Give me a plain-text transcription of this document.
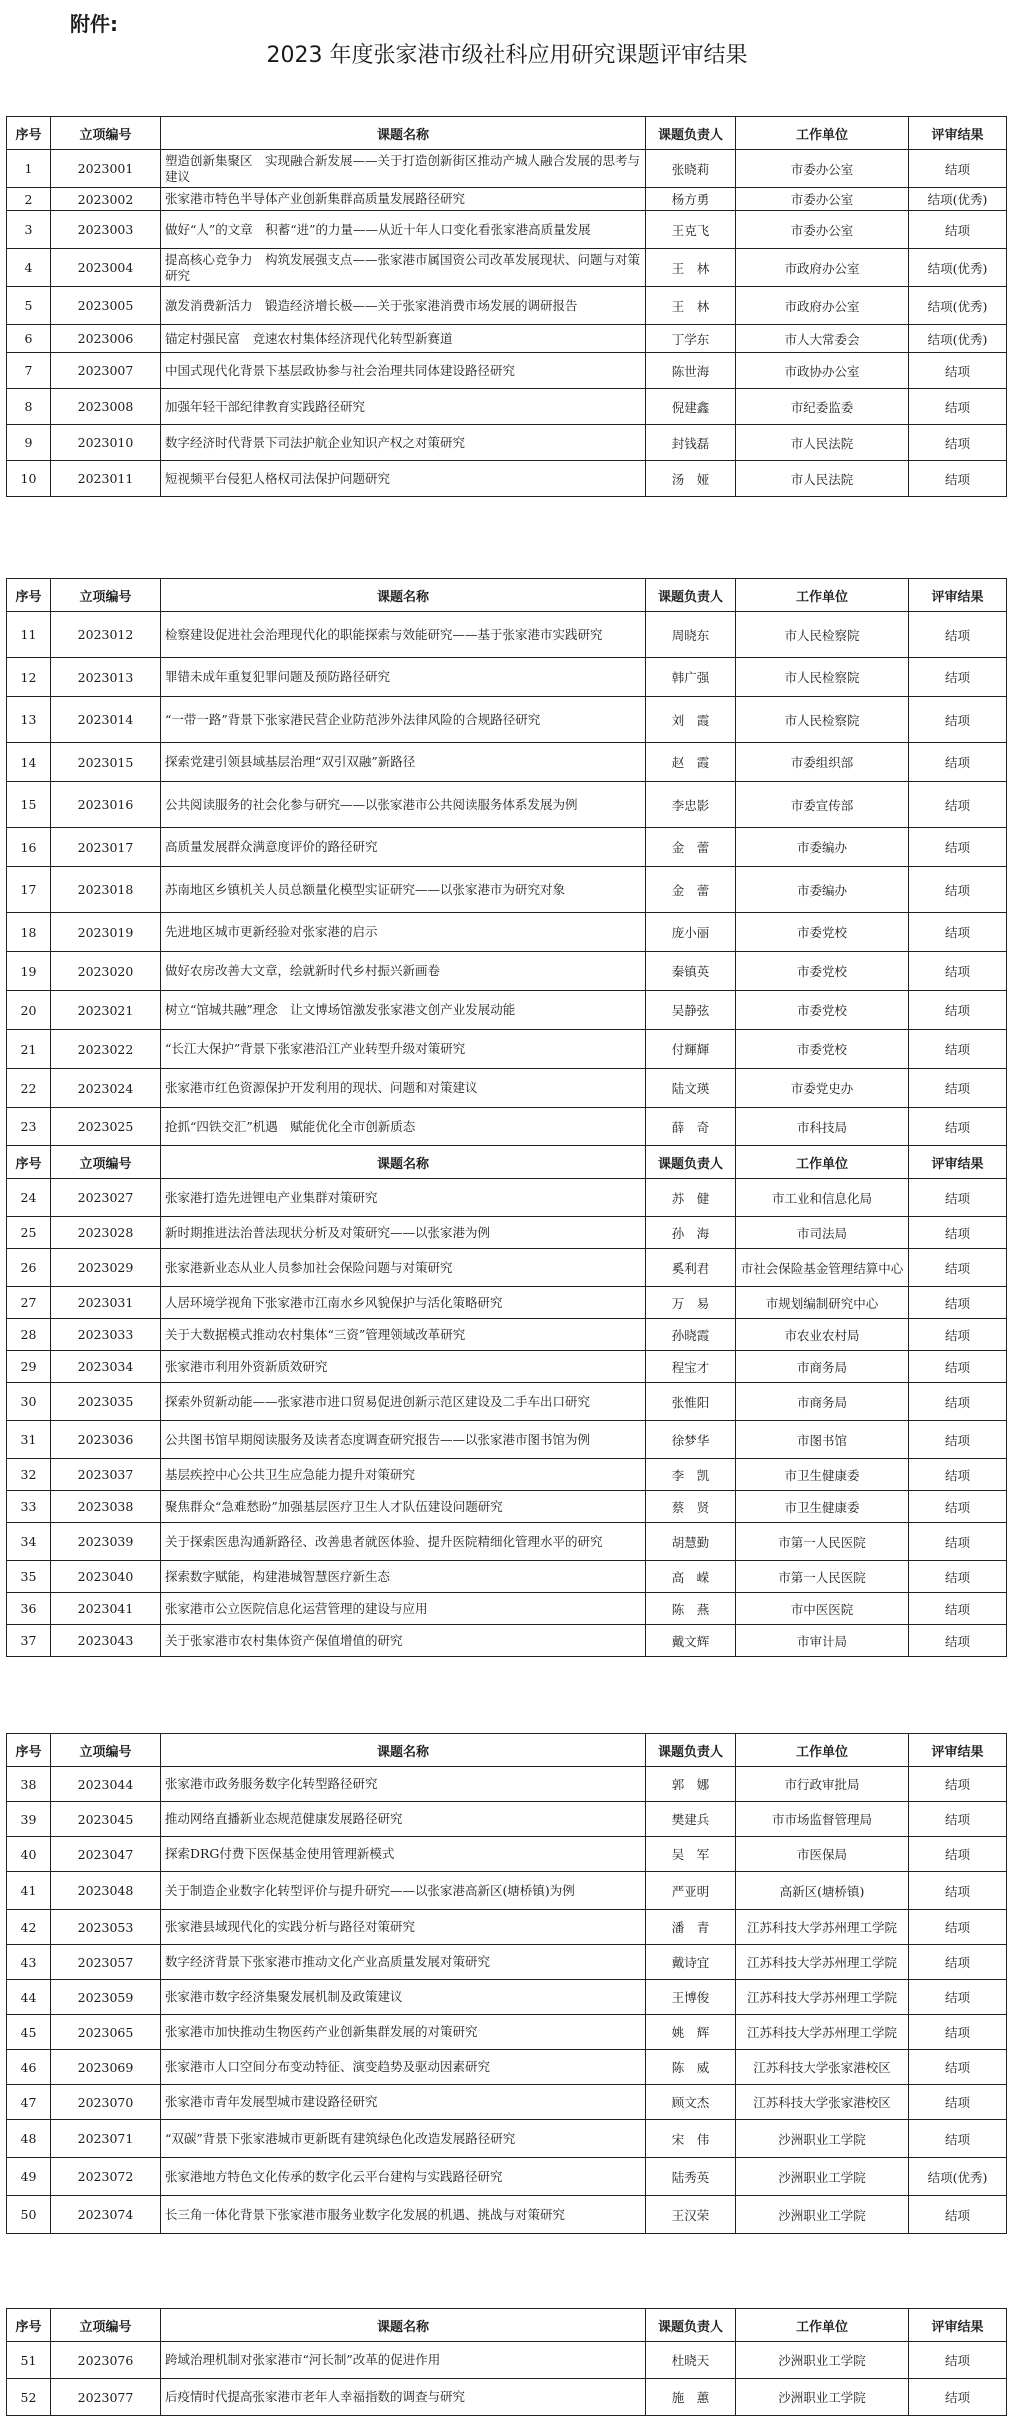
附件:
2023 年度张家港市级社科应用研究课题评审结果
序号	立项编号	课题名称	课题负责人	工作单位	评审结果
1	2023001	塑造创新集聚区　实现融合新发展——关于打造创新街区推动产城人融合发展的思考与建议	张晓莉	市委办公室	结项
2	2023002	张家港市特色半导体产业创新集群高质量发展路径研究	杨方勇	市委办公室	结项(优秀)
3	2023003	做好“人”的文章　积蓄“进”的力量——从近十年人口变化看张家港高质量发展	王克飞	市委办公室	结项
4	2023004	提高核心竞争力　构筑发展强支点——张家港市属国资公司改革发展现状、问题与对策研究	王　林	市政府办公室	结项(优秀)
5	2023005	激发消费新活力　锻造经济增长极——关于张家港消费市场发展的调研报告	王　林	市政府办公室	结项(优秀)
6	2023006	锚定村强民富　竞速农村集体经济现代化转型新赛道	丁学东	市人大常委会	结项(优秀)
7	2023007	中国式现代化背景下基层政协参与社会治理共同体建设路径研究	陈世海	市政协办公室	结项
8	2023008	加强年轻干部纪律教育实践路径研究	倪建鑫	市纪委监委	结项
9	2023010	数字经济时代背景下司法护航企业知识产权之对策研究	封钱磊	市人民法院	结项
10	2023011	短视频平台侵犯人格权司法保护问题研究	汤　娅	市人民法院	结项
序号	立项编号	课题名称	课题负责人	工作单位	评审结果
11	2023012	检察建设促进社会治理现代化的职能探索与效能研究——基于张家港市实践研究	周晓东	市人民检察院	结项
12	2023013	罪错未成年重复犯罪问题及预防路径研究	韩广强	市人民检察院	结项
13	2023014	“一带一路”背景下张家港民营企业防范涉外法律风险的合规路径研究	刘　霞	市人民检察院	结项
14	2023015	探索党建引领县域基层治理“双引双融”新路径	赵　霞	市委组织部	结项
15	2023016	公共阅读服务的社会化参与研究——以张家港市公共阅读服务体系发展为例	李忠影	市委宣传部	结项
16	2023017	高质量发展群众满意度评价的路径研究	金　蕾	市委编办	结项
17	2023018	苏南地区乡镇机关人员总额量化模型实证研究——以张家港市为研究对象	金　蕾	市委编办	结项
18	2023019	先进地区城市更新经验对张家港的启示	庞小丽	市委党校	结项
19	2023020	做好农房改善大文章，绘就新时代乡村振兴新画卷	秦镇英	市委党校	结项
20	2023021	树立“馆城共融”理念　让文博场馆激发张家港文创产业发展动能	吴静弦	市委党校	结项
21	2023022	“长江大保护”背景下张家港沿江产业转型升级对策研究	付輝輝	市委党校	结项
22	2023024	张家港市红色资源保护开发利用的现状、问题和对策建议	陆文瑛	市委党史办	结项
23	2023025	抢抓“四铁交汇”机遇　赋能优化全市创新质态	薛　奇	市科技局	结项
序号	立项编号	课题名称	课题负责人	工作单位	评审结果
24	2023027	张家港打造先进锂电产业集群对策研究	苏　健	市工业和信息化局	结项
25	2023028	新时期推进法治普法现状分析及对策研究——以张家港为例	孙　海	市司法局	结项
26	2023029	张家港新业态从业人员参加社会保险问题与对策研究	奚利君	市社会保险基金管理结算中心	结项
27	2023031	人居环境学视角下张家港市江南水乡风貌保护与活化策略研究	万　易	市规划编制研究中心	结项
28	2023033	关于大数据模式推动农村集体“三资”管理领域改革研究	孙晓霞	市农业农村局	结项
29	2023034	张家港市利用外资新质效研究	程宝才	市商务局	结项
30	2023035	探索外贸新动能——张家港市进口贸易促进创新示范区建设及二手车出口研究	张惟阳	市商务局	结项
31	2023036	公共图书馆早期阅读服务及读者态度调查研究报告——以张家港市图书馆为例	徐梦华	市图书馆	结项
32	2023037	基层疾控中心公共卫生应急能力提升对策研究	李　凯	市卫生健康委	结项
33	2023038	聚焦群众“急难愁盼”加强基层医疗卫生人才队伍建设问题研究	蔡　贤	市卫生健康委	结项
34	2023039	关于探索医患沟通新路径、改善患者就医体验、提升医院精细化管理水平的研究	胡慧勤	市第一人民医院	结项
35	2023040	探索数字赋能，构建港城智慧医疗新生态	高　嵘	市第一人民医院	结项
36	2023041	张家港市公立医院信息化运营管理的建设与应用	陈　燕	市中医医院	结项
37	2023043	关于张家港市农村集体资产保值增值的研究	戴文辉	市审计局	结项
序号	立项编号	课题名称	课题负责人	工作单位	评审结果
38	2023044	张家港市政务服务数字化转型路径研究	郭　娜	市行政审批局	结项
39	2023045	推动网络直播新业态规范健康发展路径研究	樊建兵	市市场监督管理局	结项
40	2023047	探索DRG付费下医保基金使用管理新模式	吴　军	市医保局	结项
41	2023048	关于制造企业数字化转型评价与提升研究——以张家港高新区(塘桥镇)为例	严亚明	高新区(塘桥镇)	结项
42	2023053	张家港县域现代化的实践分析与路径对策研究	潘　青	江苏科技大学苏州理工学院	结项
43	2023057	数字经济背景下张家港市推动文化产业高质量发展对策研究	戴诗宜	江苏科技大学苏州理工学院	结项
44	2023059	张家港市数字经济集聚发展机制及政策建议	王博俊	江苏科技大学苏州理工学院	结项
45	2023065	张家港市加快推动生物医药产业创新集群发展的对策研究	姚　辉	江苏科技大学苏州理工学院	结项
46	2023069	张家港市人口空间分布变动特征、演变趋势及驱动因素研究	陈　威	江苏科技大学张家港校区	结项
47	2023070	张家港市青年发展型城市建设路径研究	顾文杰	江苏科技大学张家港校区	结项
48	2023071	“双碳”背景下张家港城市更新既有建筑绿色化改造发展路径研究	宋　伟	沙洲职业工学院	结项
49	2023072	张家港地方特色文化传承的数字化云平台建构与实践路径研究	陆秀英	沙洲职业工学院	结项(优秀)
50	2023074	长三角一体化背景下张家港市服务业数字化发展的机遇、挑战与对策研究	王汉荣	沙洲职业工学院	结项
序号	立项编号	课题名称	课题负责人	工作单位	评审结果
51	2023076	跨域治理机制对张家港市“河长制”改革的促进作用	杜晓天	沙洲职业工学院	结项
52	2023077	后疫情时代提高张家港市老年人幸福指数的调查与研究	施　蕙	沙洲职业工学院	结项
